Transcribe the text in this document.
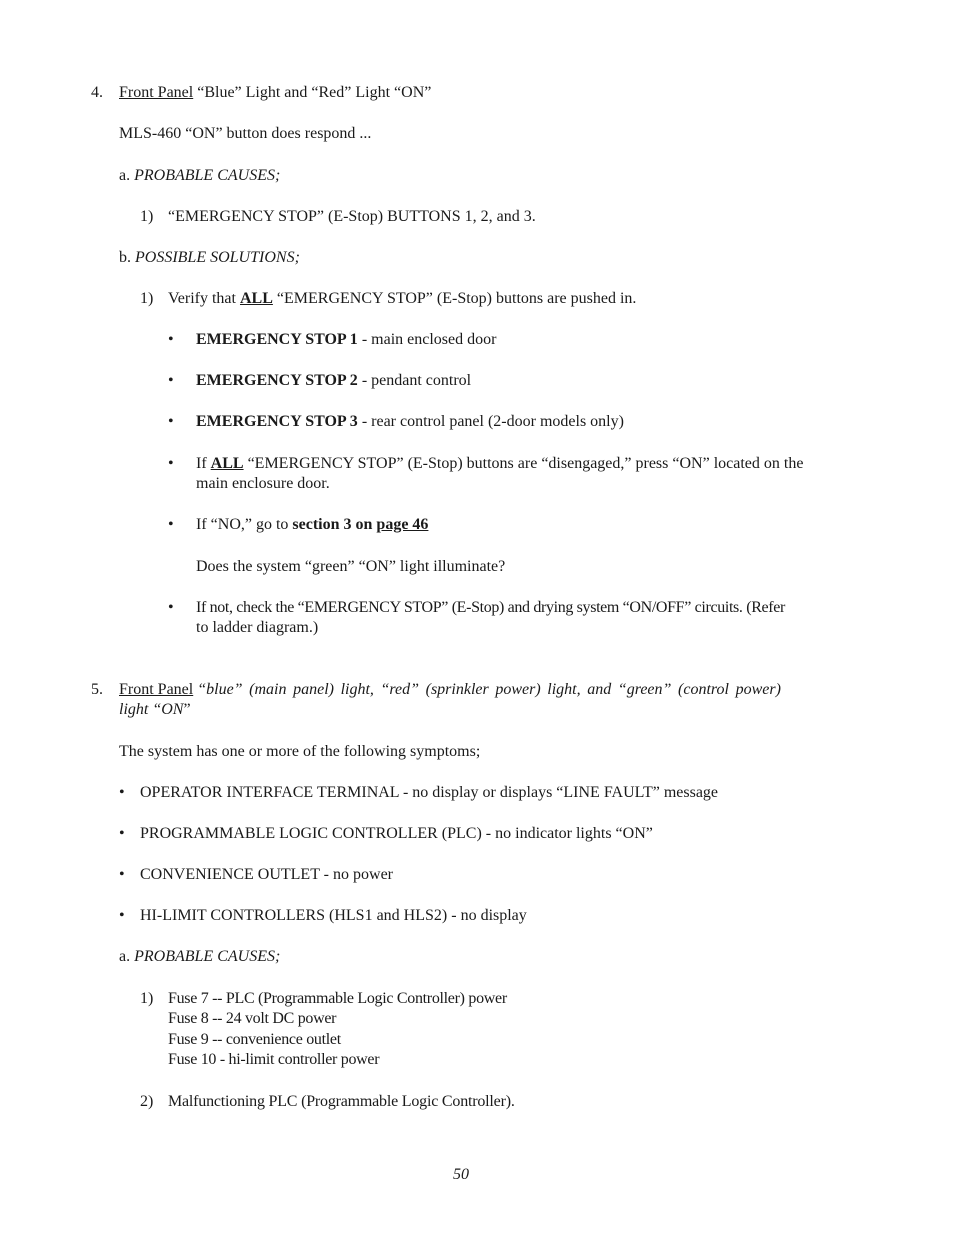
4. Front Panel “Blue” Light and “Red” Light “ON”
MLS-460 “ON” button does respond ...
a. PROBABLE CAUSES;
1) “EMERGENCY STOP” (E-Stop) BUTTONS 1, 2, and 3.
b. POSSIBLE SOLUTIONS;
1) Verify that ALL “EMERGENCY STOP” (E-Stop) buttons are pushed in.
• EMERGENCY STOP 1 - main enclosed door
• EMERGENCY STOP 2 - pendant control
• EMERGENCY STOP 3 - rear control panel (2-door models only)
• If ALL “EMERGENCY STOP” (E-Stop) buttons are “disengaged,” press “ON” located on the
main enclosure door.
• If “NO,” go to section 3 on page 46
Does the system “green” “ON” light illuminate?
• If not, check the “EMERGENCY STOP” (E-Stop) and drying system “ON/OFF” circuits. (Refer
to ladder diagram.)
5. Front Panel “blue” (main panel) light, “red” (sprinkler power) light, and “green” (control power)
light “ON”
The system has one or more of the following symptoms;
• OPERATOR INTERFACE TERMINAL - no display or displays “LINE FAULT” message
• PROGRAMMABLE LOGIC CONTROLLER (PLC) - no indicator lights “ON”
• CONVENIENCE OUTLET - no power
• HI-LIMIT CONTROLLERS (HLS1 and HLS2) - no display
a. PROBABLE CAUSES;
1) Fuse 7 -- PLC (Programmable Logic Controller) power
Fuse 8 -- 24 volt DC power
Fuse 9 -- convenience outlet
Fuse 10 - hi-limit controller power
2) Malfunctioning PLC (Programmable Logic Controller).
50
